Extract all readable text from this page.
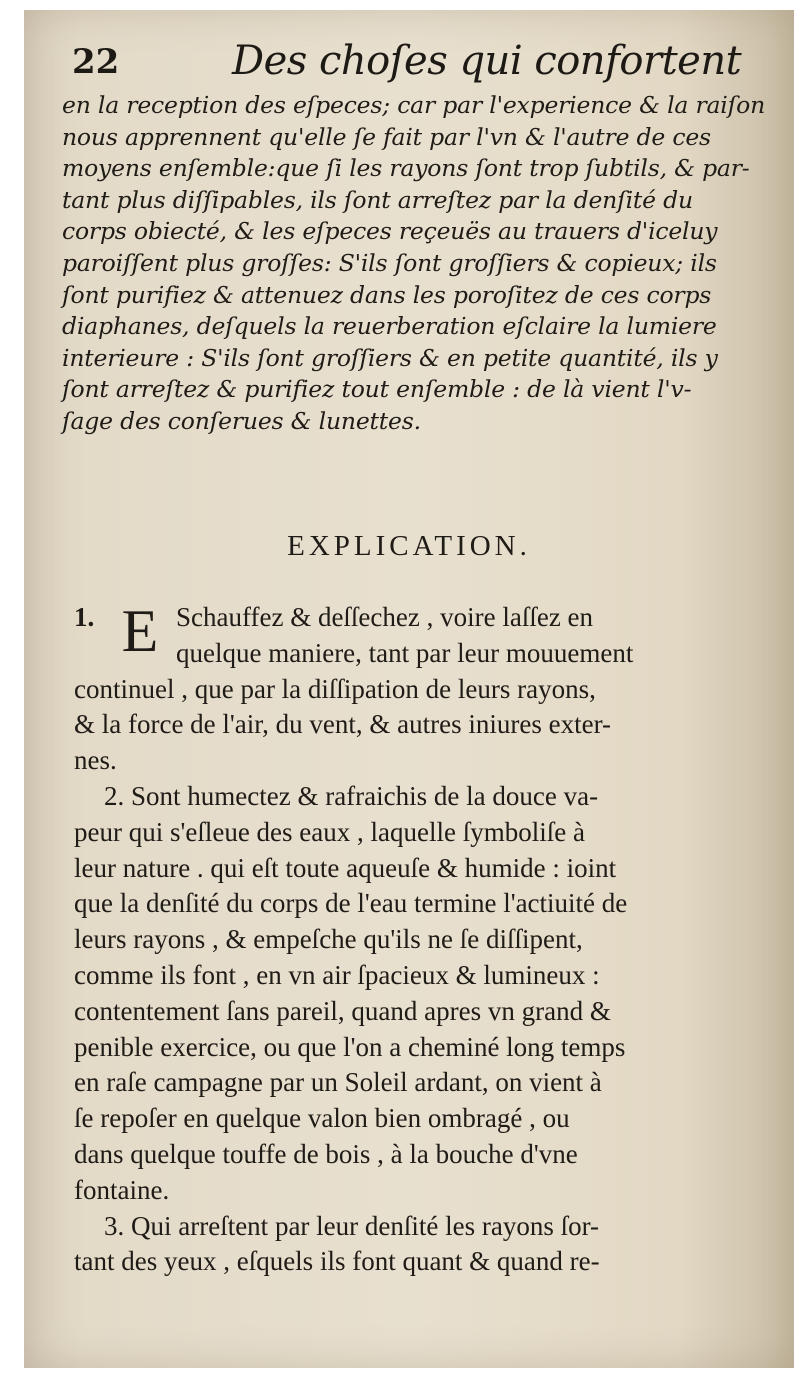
22	Des choſes qui confortent
en la reception des eſpeces; car par l'experience & la raiſon
nous apprennent qu'elle ſe fait par l'vn & l'autre de ces
moyens enſemble:que ſi les rayons ſont trop ſubtils, & par-
tant plus diſſipables, ils ſont arreſtez par la denſité du
corps obiecté, & les eſpeces reçeuës au trauers d'iceluy
paroiſſent plus groſſes: S'ils ſont groſſiers & copieux; ils
ſont purifiez & attenuez dans les poroſitez de ces corps
diaphanes, deſquels la reuerberation eſclaire la lumiere
interieure : S'ils ſont groſſiers & en petite quantité, ils y
ſont arreſtez & purifiez tout enſemble : de là vient l'v-
ſage des conſerues & lunettes.
EXPLICATION.
1. E Schauffez & deſſechez , voire laſſez en
quelque maniere, tant par leur mouuement
continuel , que par la diſſipation de leurs rayons,
& la force de l'air, du vent, & autres iniures exter-
nes.
2. Sont humectez & rafraichis de la douce va-
peur qui s'eſleue des eaux , laquelle ſymboliſe à
leur nature . qui eſt toute aqueuſe & humide : ioint
que la denſité du corps de l'eau termine l'actiuité de
leurs rayons , & empeſche qu'ils ne ſe diſſipent,
comme ils font , en vn air ſpacieux & lumineux :
contentement ſans pareil, quand apres vn grand &
penible exercice, ou que l'on a cheminé long temps
en raſe campagne par un Soleil ardant, on vient à
ſe repoſer en quelque valon bien ombragé , ou
dans quelque touffe de bois , à la bouche d'vne
fontaine.
3. Qui arreſtent par leur denſité les rayons ſor-
tant des yeux , eſquels ils font quant & quand re-
